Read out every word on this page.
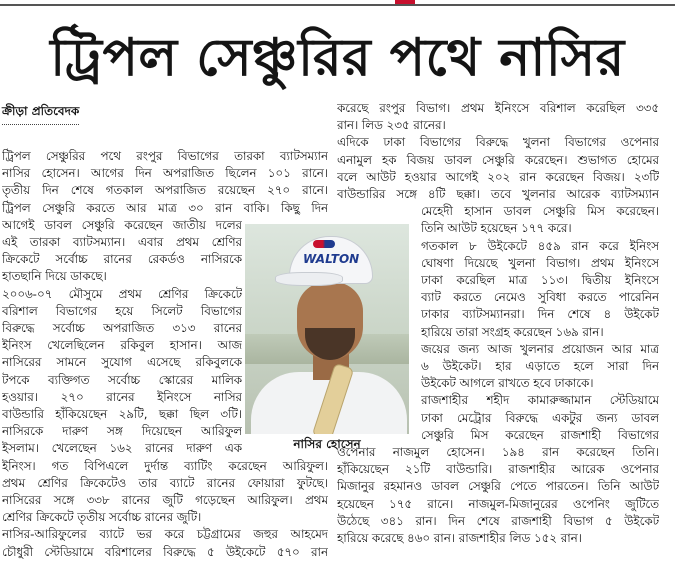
ট্রিপল সেঞ্চুরির পথে নাসির
ক্রীড়া প্রতিবেদক

ট্রিপল সেঞ্চুরির পথে রংপুর বিভাগের তারকা ব্যাটসম্যান

নাসির হোসেন। আগের দিন অপরাজিত ছিলেন ১০১ রানে।

তৃতীয় দিন শেষে গতকাল অপরাজিত রয়েছেন ২৭০ রানে।

ট্রিপল সেঞ্চুরি করতে আর মাত্র ৩০ রান বাকি। কিছু দিন

আগেই ডাবল সেঞ্চুরি করেছেন জাতীয় দলের

এই তারকা ব্যাটসম্যান। এবার প্রথম শ্রেণির

ক্রিকেটে সর্বোচ্চ রানের রেকর্ডও নাসিরকে

হাতছানি দিয়ে ডাকছে।

২০০৬-০৭ মৌসুমে প্রথম শ্রেণির ক্রিকেটে

বরিশাল বিভাগের হয়ে সিলেট বিভাগের

বিরুদ্ধে সর্বোচ্চ অপরাজিত ৩১৩ রানের

ইনিংস খেলেছিলেন রকিবুল হাসান। আজ

নাসিরের সামনে সুযোগ এসেছে রকিবুলকে

টপকে ব্যক্তিগত সর্বোচ্চ স্কোরের মালিক

হওয়ার। ২৭০ রানের ইনিংসে নাসির

বাউন্ডারি হাঁকিয়েছেন ২৯টি, ছক্কা ছিল ৩টি।

নাসিরকে দারুণ সঙ্গ দিয়েছেন আরিফুল

ইসলাম। খেলেছেন ১৬২ রানের দারুণ এক

ইনিংস। গত বিপিএলে দুর্দান্ত ব্যাটিং করেছেন আরিফুল।

প্রথম শ্রেণির ক্রিকেটেও তার ব্যাটে রানের ফোয়ারা ফুটছে।

নাসিরের সঙ্গে ৩৩৮ রানের জুটি গড়েছেন আরিফুল। প্রথম

শ্রেণির ক্রিকেটে তৃতীয় সর্বোচ্চ রানের জুটি।

নাসির-আরিফুলের ব্যাটে ভর করে চট্টগ্রামের জহুর আহমেদ

চৌধুরী স্টেডিয়ামে বরিশালের বিরুদ্ধে ৫ উইকেটে ৫৭০ রান

করেছে রংপুর বিভাগ। প্রথম ইনিংসে বরিশাল করেছিল ৩৩৫

রান। লিড ২৩৫ রানের।

এদিকে ঢাকা বিভাগের বিরুদ্ধে খুলনা বিভাগের ওপেনার

এনামুল হক বিজয় ডাবল সেঞ্চুরি করেছেন। শুভাগত হোমের

বলে আউট হওয়ার আগেই ২০২ রান করেছেন বিজয়। ২৩টি

বাউন্ডারির সঙ্গে ৪টি ছক্কা। তবে খুলনার আরেক ব্যাটসম্যান

মেহেদী হাসান ডাবল সেঞ্চুরি মিস করেছেন।

তিনি আউট হয়েছেন ১৭৭ করে।

গতকাল ৮ উইকেটে ৪৫৯ রান করে ইনিংস

ঘোষণা দিয়েছে খুলনা বিভাগ। প্রথম ইনিংসে

ঢাকা করেছিল মাত্র ১১৩। দ্বিতীয় ইনিংসে

ব্যাট করতে নেমেও সুবিধা করতে পারেনিন

ঢাকার ব্যাটসম্যানরা। দিন শেষে ৪ উইকেট

হারিয়ে তারা সংগ্রহ করেছেন ১৬৯ রান।

জয়ের জন্য আজ খুলনার প্রয়োজন আর মাত্র

৬ উইকেট। হার এড়াতে হলে সারা দিন

উইকেট আগলে রাখতে হবে ঢাকাকে।

রাজশাহীর শহীদ কামারুজ্জামান স্টেডিয়ামে

ঢাকা মেট্রোর বিরুদ্ধে একটুর জন্য ডাবল

সেঞ্চুরি মিস করেছেন রাজশাহী বিভাগের

ওপেনার নাজমুল হোসেন। ১৯৪ রান করেছেন তিনি।

হাঁকিয়েছেন ২১টি বাউন্ডারি। রাজশাহীর আরেক ওপেনার

মিজানুর রহমানও ডাবল সেঞ্চুরি পেতে পারতেন। তিনি আউট

হয়েছেন ১৭৫ রানে। নাজমুল-মিজানুরের ওপেনিং জুটিতে

উঠেছে ৩৪১ রান। দিন শেষে রাজশাহী বিভাগ ৫ উইকেট

হারিয়ে করেছে ৪৬০ রান। রাজশাহীর লিড ১৫২ রান।

WALTON
নাসির হোসেন
